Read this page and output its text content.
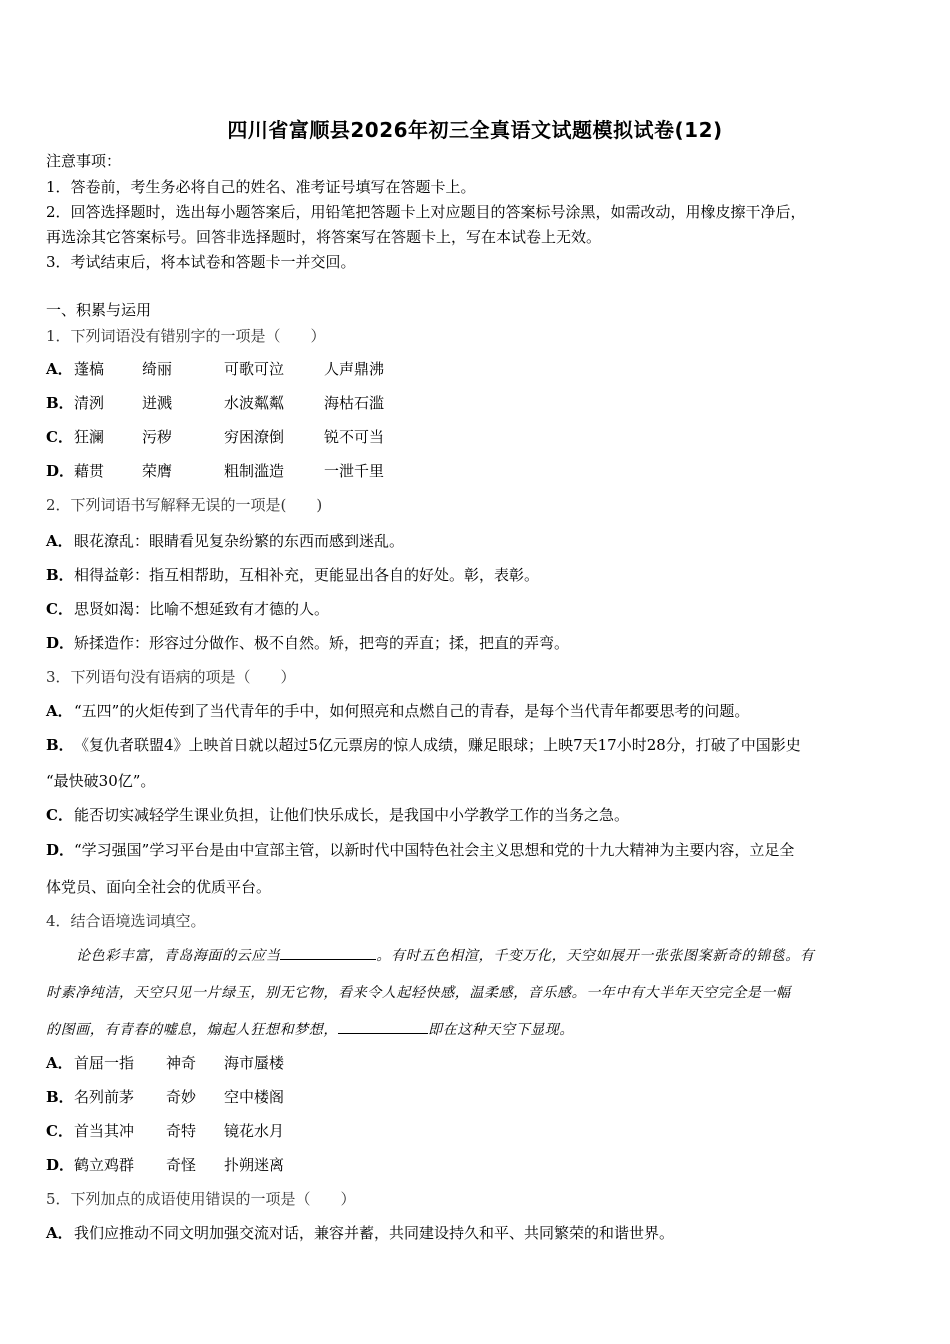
四川省富顺县2026年初三全真语文试题模拟试卷(12)
注意事项：
1．答卷前，考生务必将自己的姓名、准考证号填写在答题卡上。
2．回答选择题时，选出每小题答案后，用铅笔把答题卡上对应题目的答案标号涂黑，如需改动，用橡皮擦干净后，
再选涂其它答案标号。回答非选择题时，将答案写在答题卡上，写在本试卷上无效。
3．考试结束后，将本试卷和答题卡一并交回。
一、积累与运用
1．下列词语没有错别字的一项是（　　）
A．蓬槁	绮丽	可歌可泣	人声鼎沸
B．清洌	迸溅	水波粼粼	海枯石滥
C．狂澜	污秽	穷困潦倒	锐不可当
D．藉贯	荣膺	粗制滥造	一泄千里
2．下列词语书写解释无误的一项是(　　)
A．眼花潦乱：眼睛看见复杂纷繁的东西而感到迷乱。
B．相得益彰：指互相帮助，互相补充，更能显出各自的好处。彰，表彰。
C．思贤如渴：比喻不想延致有才德的人。
D．矫揉造作：形容过分做作、极不自然。矫，把弯的弄直；揉，把直的弄弯。
3．下列语句没有语病的项是（　　）
A．“五四”的火炬传到了当代青年的手中，如何照亮和点燃自己的青春，是每个当代青年都要思考的问题。
B．《复仇者联盟4》上映首日就以超过5亿元票房的惊人成绩，赚足眼球；上映7天17小时28分，打破了中国影史
“最快破30亿”。
C．能否切实减轻学生课业负担，让他们快乐成长，是我国中小学教学工作的当务之急。
D．“学习强国”学习平台是由中宣部主管，以新时代中国特色社会主义思想和党的十九大精神为主要内容，立足全
体党员、面向全社会的优质平台。
4．结合语境选词填空。
论色彩丰富，青岛海面的云应当	。有时五色相渲，千变万化，天空如展开一张张图案新奇的锦毯。有
时素净纯洁，天空只见一片绿玉，别无它物，看来令人起轻快感，温柔感，音乐感。一年中有大半年天空完全是一幅
的图画，有青春的嘘息，煽起人狂想和梦想，	即在这种天空下显现。
A．首屈一指 神奇 海市蜃楼
B．名列前茅 奇妙 空中楼阁
C．首当其冲 奇特 镜花水月
D．鹤立鸡群 奇怪 扑朔迷离
5．下列加点的成语使用错误的一项是（　　）
A．我们应推动不同文明加强交流对话，兼容并蓄，共同建设持久和平、共同繁荣的和谐世界。
